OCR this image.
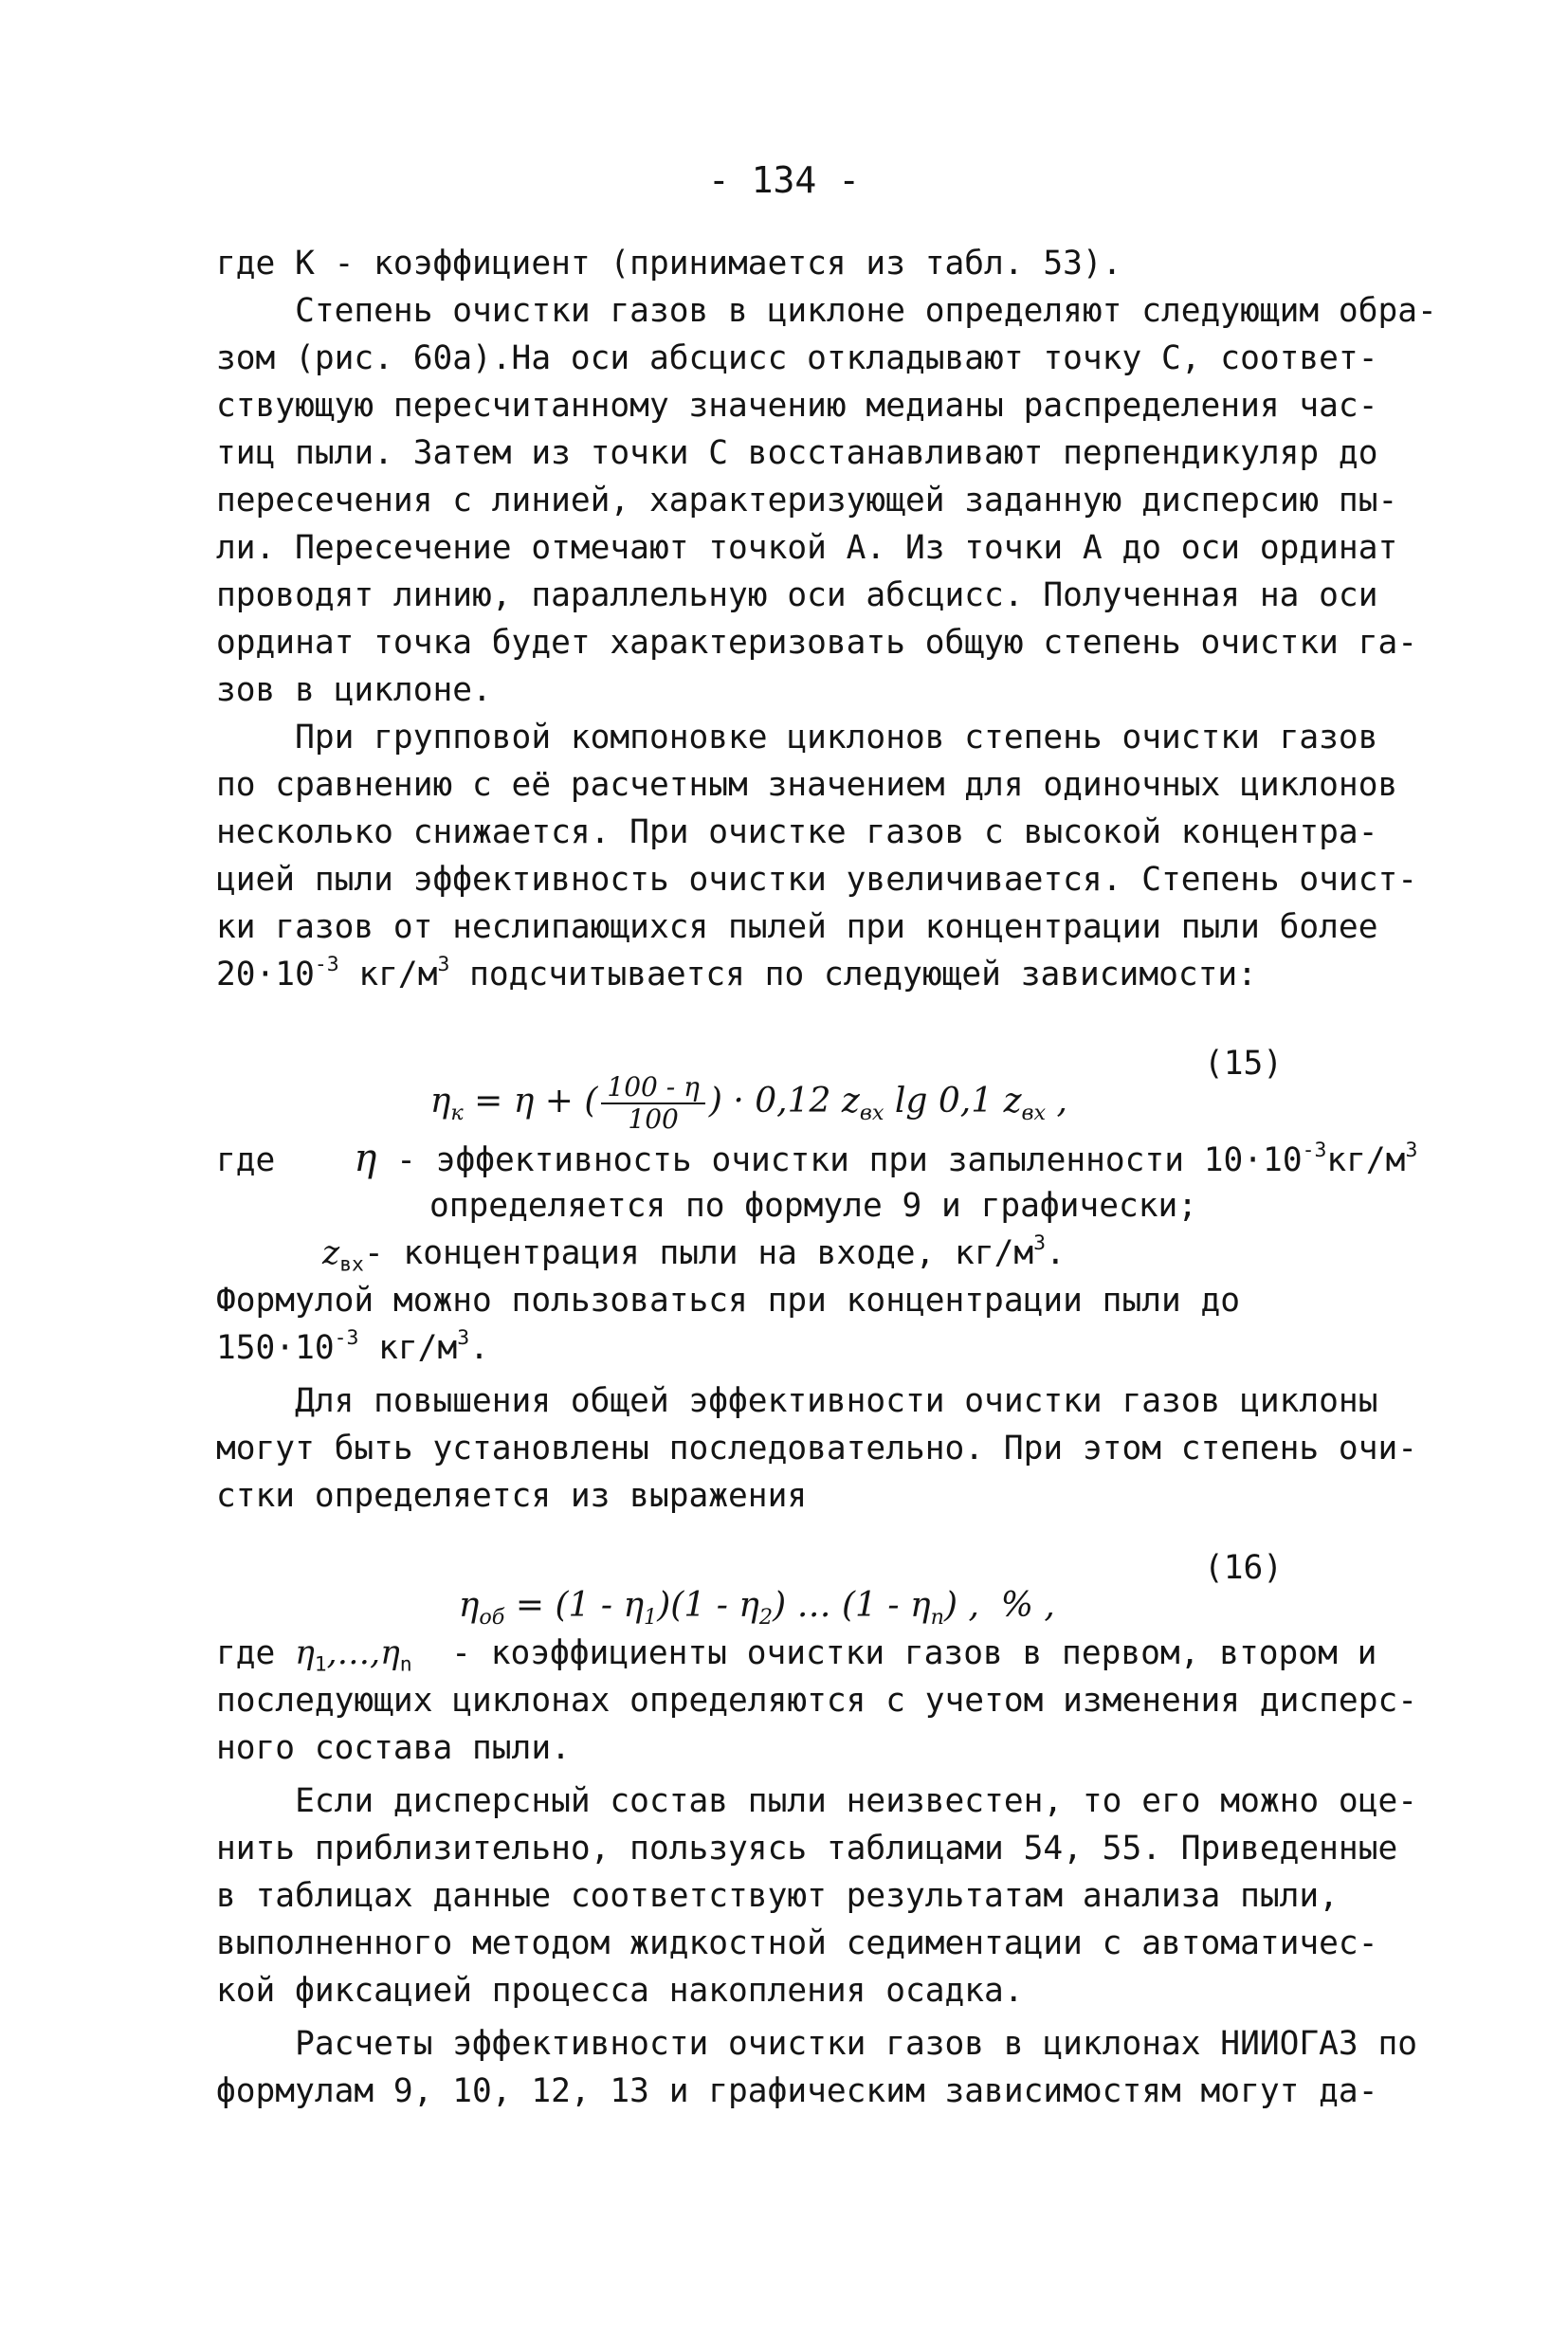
- 134 -
где К - коэффициент (принимается из табл. 53).
Степень очистки газов в циклоне определяют следующим обра-
зом (рис. 60а).На оси абсцисс откладывают точку С, соответ-
ствующую пересчитанному значению медианы распределения час-
тиц пыли. Затем из точки С восстанавливают перпендикуляр до
пересечения с линией, характеризующей заданную дисперсию пы-
ли. Пересечение отмечают точкой А. Из точки А до оси ординат
проводят линию, параллельную оси абсцисс. Полученная на оси
ординат точка будет характеризовать общую степень очистки га-
зов в циклоне.
При групповой компоновке циклонов степень очистки газов
по сравнению с её расчетным значением для одиночных циклонов
несколько снижается. При очистке газов с высокой концентра-
цией пыли эффективность очистки увеличивается. Степень очист-
ки газов от неслипающихся пылей при концентрации пыли более
$20\cdot 10^{-3}$ $кг/м^3$ подсчитывается по следующей зависимости:

$\eta_к = \eta$ + ( $\frac{100 - \eta}{100}$ ) · 0,12 $z_{вх}$ lg 0,1 $z_{вх}$ ,

(15)
где η - эффективность очистки при запыленности $10\cdot 10^{-3}кг/м^3$
определяется по формуле 9 и графически;
$z_{вх}-$ концентрация пыли на входе, $кг/м^3$.
Формулой можно пользоваться при концентрации пыли до
$150\cdot 10^{-3}$ $кг/м^3$.
Для повышения общей эффективности очистки газов циклоны
могут быть установлены последовательно. При этом степень очи-
стки определяется из выражения

$\eta_{об} = (1 - \eta_1)(1 - \eta_2)$ … $(1 - \eta_n)$ ,  % ,

(16)
где $\eta_1,\dots,\eta_n$  - коэффициенты очистки газов в первом, втором и
последующих циклонах определяются с учетом изменения дисперс-
ного состава пыли.
Если дисперсный состав пыли неизвестен, то его можно оце-
нить приблизительно, пользуясь таблицами 54, 55. Приведенные
в таблицах данные соответствуют результатам анализа пыли,
выполненного методом жидкостной седиментации с автоматичес-
кой фиксацией процесса накопления осадка.
Расчеты эффективности очистки газов в циклонах НИИОГАЗ по
формулам 9, 10, 12, 13 и графическим зависимостям могут да-
